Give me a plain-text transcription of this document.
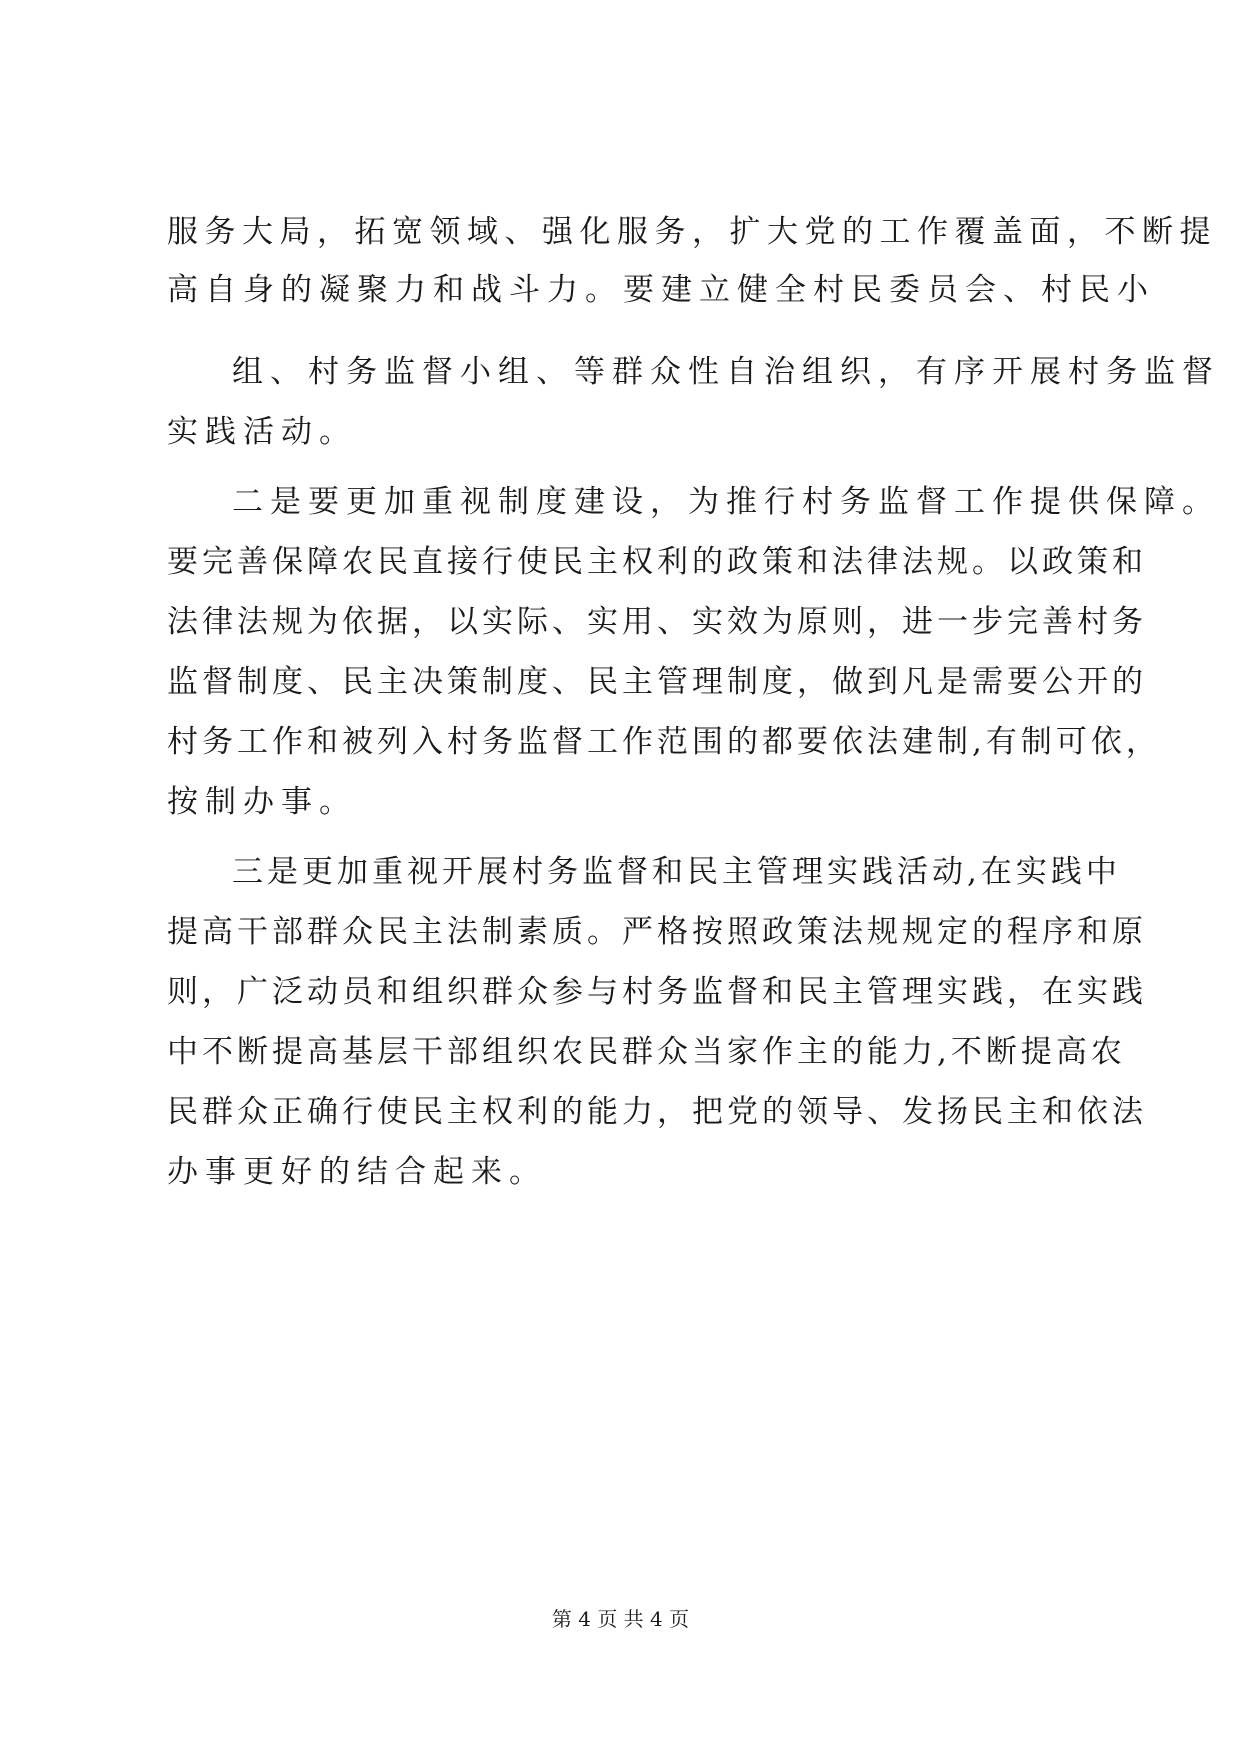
服务大局，拓宽领域、强化服务，扩大党的工作覆盖面，不断提
高自身的凝聚力和战斗力。要建立健全村民委员会、村民小
组、村务监督小组、等群众性自治组织，有序开展村务监督
实践活动。
二是要更加重视制度建设，为推行村务监督工作提供保障。
要完善保障农民直接行使民主权利的政策和法律法规。以政策和
法律法规为依据，以实际、实用、实效为原则，进一步完善村务
监督制度、民主决策制度、民主管理制度，做到凡是需要公开的
村务工作和被列入村务监督工作范围的都要依法建制,有制可依，
按制办事。
三是更加重视开展村务监督和民主管理实践活动,在实践中
提高干部群众民主法制素质。严格按照政策法规规定的程序和原
则，广泛动员和组织群众参与村务监督和民主管理实践，在实践
中不断提高基层干部组织农民群众当家作主的能力,不断提高农
民群众正确行使民主权利的能力，把党的领导、发扬民主和依法
办事更好的结合起来。
第 4 页 共 4 页
